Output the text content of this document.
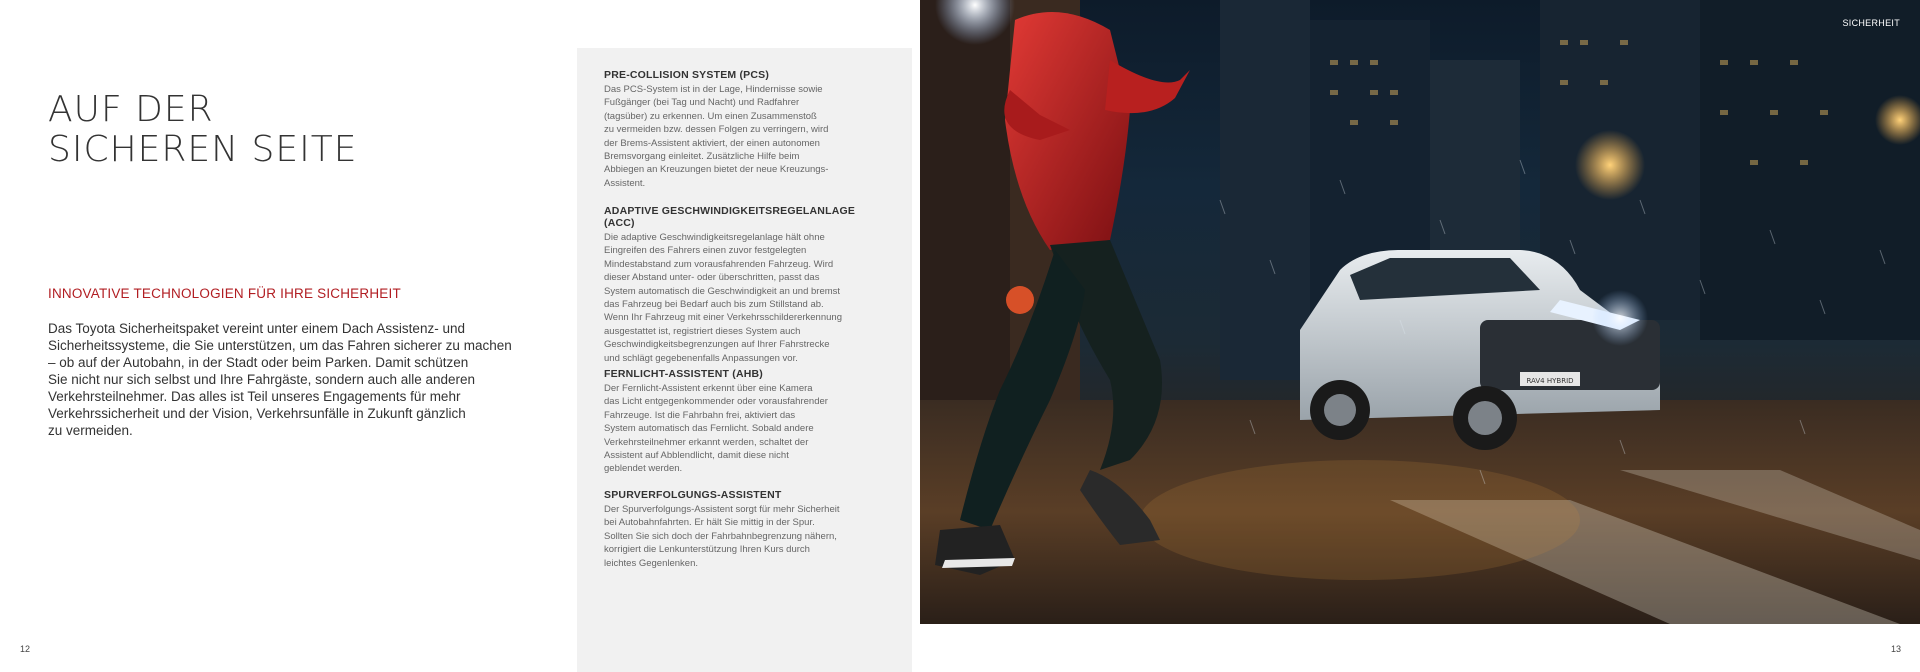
AUF DER
SICHEREN SEITE
INNOVATIVE TECHNOLOGIEN FÜR IHRE SICHERHEIT

Das Toyota Sicherheitspaket vereint unter einem Dach Assistenz- und
Sicherheitssysteme, die Sie unterstützen, um das Fahren sicherer zu machen
– ob auf der Autobahn, in der Stadt oder beim Parken. Damit schützen
Sie nicht nur sich selbst und Ihre Fahrgäste, sondern auch alle anderen
Verkehrsteilnehmer. Das alles ist Teil unseres Engagements für mehr
Verkehrssicherheit und der Vision, Verkehrsunfälle in Zukunft gänzlich
zu vermeiden.

PRE-COLLISION SYSTEM (PCS)

Das PCS-System ist in der Lage, Hindernisse sowie
Fußgänger (bei Tag und Nacht) und Radfahrer
(tagsüber) zu erkennen. Um einen Zusammenstoß
zu vermeiden bzw. dessen Folgen zu verringern, wird
der Brems-Assistent aktiviert, der einen autonomen
Bremsvorgang einleitet. Zusätzliche Hilfe beim
Abbiegen an Kreuzungen bietet der neue Kreuzungs-
Assistent.

ADAPTIVE GESCHWINDIGKEITSREGELANLAGE (ACC)

Die adaptive Geschwindigkeitsregelanlage hält ohne
Eingreifen des Fahrers einen zuvor festgelegten
Mindestabstand zum vorausfahrenden Fahrzeug. Wird
dieser Abstand unter- oder überschritten, passt das
System automatisch die Geschwindigkeit an und bremst
das Fahrzeug bei Bedarf auch bis zum Stillstand ab.
Wenn Ihr Fahrzeug mit einer Verkehrsschildererkennung
ausgestattet ist, registriert dieses System auch
Geschwindigkeitsbegrenzungen auf Ihrer Fahrstrecke
und schlägt gegebenenfalls Anpassungen vor.

FERNLICHT-ASSISTENT (AHB)

Der Fernlicht-Assistent erkennt über eine Kamera
das Licht entgegenkommender oder vorausfahrender
Fahrzeuge. Ist die Fahrbahn frei, aktiviert das
System automatisch das Fernlicht. Sobald andere
Verkehrsteilnehmer erkannt werden, schaltet der
Assistent auf Abblendlicht, damit diese nicht
geblendet werden.

SPURVERFOLGUNGS-ASSISTENT

Der Spurverfolgungs-Assistent sorgt für mehr Sicherheit
bei Autobahnfahrten. Er hält Sie mittig in der Spur.
Sollten Sie sich doch der Fahrbahnbegrenzung nähern,
korrigiert die Lenkunterstützung Ihren Kurs durch
leichtes Gegenlenken.

RAV4 HYBRID
SICHERHEIT
12	13
